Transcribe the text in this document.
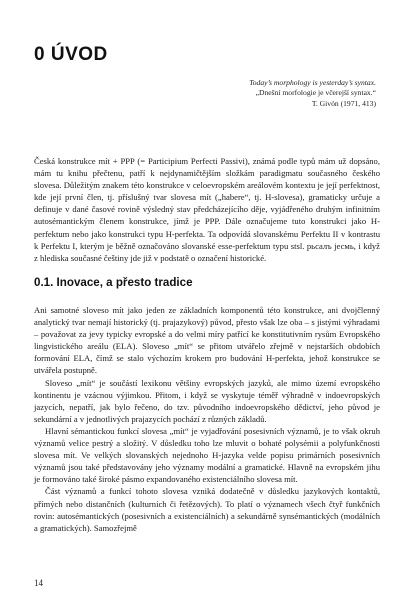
0 ÚVOD
Today’s morphology is yesterday’s syntax.
„Dnešní morfologie je včerejší syntax.“
T. Givón (1971, 413)

Česká konstrukce mít + PPP (= Participium Perfecti Passivi), známá podle typů mám už dopsáno, mám tu knihu přečtenu, patří k nejdynamičtějším složkám paradigmatu současného českého slovesa. Důležitým znakem této konstrukce v celoevropském areálovém kontextu je její perfektnost, kde její první člen, tj. příslušný tvar slovesa mít („habere“, tj. H-slovesa), gramaticky určuje a definuje v dané časové rovině výsledný stav předcházejícího děje, vyjádřeného druhým infinitním autosémantickým členem konstrukce, jímž je PPP. Dále označujeme tuto konstrukci jako H-perfektum nebo jako konstrukci typu H-perfekta. Ta odpovídá slovanskému Perfektu II v kontrastu k Perfektu I, kterým je běžně označováno slovanské esse-perfektum typu stsl. рьсалъ јесмь, i když z hlediska současné češtiny jde již v podstatě o označení historické.

0.1. Inovace, a přesto tradice

Ani samotné sloveso mít jako jeden ze základních komponentů této konstrukce, ani dvojčlenný analytický tvar nemají historický (tj. prajazykový) původ, přesto však lze oba – s jistými výhradami – považovat za jevy typicky evropské a do velmi míry patřící ke konstitutivním rysům Evropského lingvistického areálu (ELA). Sloveso „mít“ se přitom utvářelo zřejmě v nejstarších obdobích formování ELA, čímž se stalo výchozím krokem pro budování H-perfekta, jehož konstrukce se utvářela postupně.

Sloveso „mít“ je součástí lexikonu většiny evropských jazyků, ale mimo území evropského kontinentu je vzácnou výjimkou. Přitom, i když se vyskytuje téměř výhradně v indoevropských jazycích, nepatří, jak bylo řečeno, do tzv. původního indoevropského dědictví, jeho původ je sekundární a v jednotlivých prajazycích pochází z různých základů.

Hlavní sémantickou funkcí slovesa „mít“ je vyjadřování posesivních významů, je to však okruh významů velice pestrý a složitý. V důsledku toho lze mluvit o bohaté polysémii a polyfunkčnosti slovesa mít. Ve velkých slovanských nejednoho H-jazyka velde popisu primárních posesivních významů jsou také představovány jeho významy modální a gramatické. Hlavně na evropském jihu je formováno také široké pásmo expandovaného existenciálního slovesa mít.

Část významů a funkcí tohoto slovesa vzniká dodatečně v důsledku jazykových kontaktů, přímých nebo distančních (kulturních či řetězových). To platí o významech všech čtyř funkčních rovin: autosémantických (posesivních a existenciálních) a sekundárně synsémantických (modálních a gramatických). Samozřejmě

14
